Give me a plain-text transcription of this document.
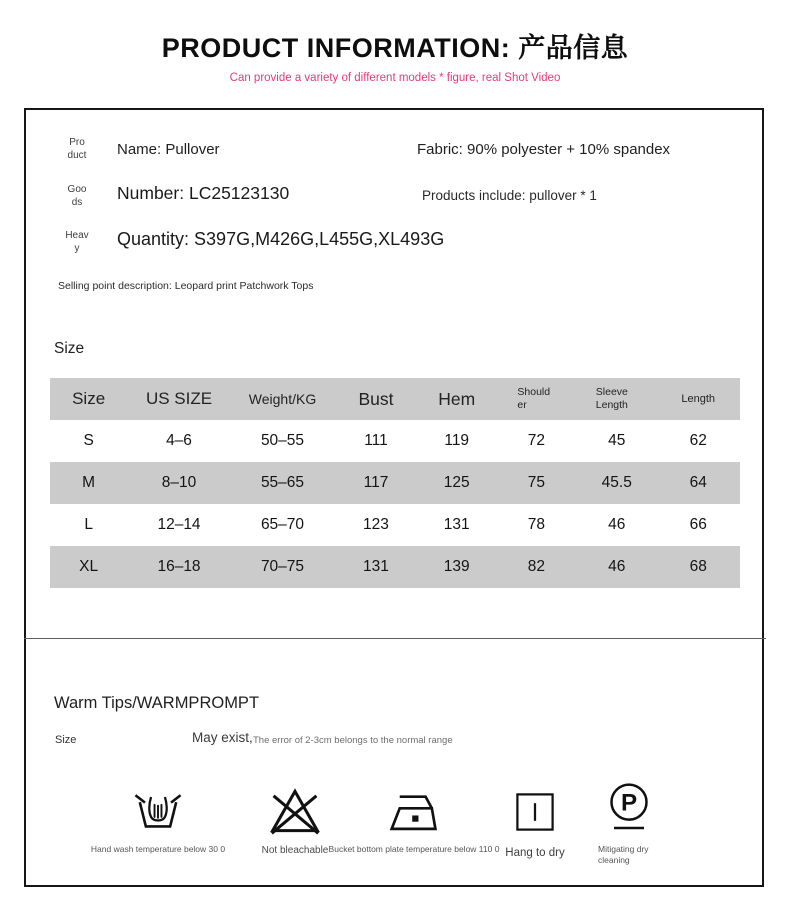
PRODUCT INFORMATION: 产品信息
Can provide a variety of different models * figure, real Shot Video
Pro
duct	Name: Pullover	Fabric: 90% polyester + 10% spandex
Goo
ds	Number: LC25123130	Products include: pullover * 1
Heav
y	Quantity: S397G,M426G,L455G,XL493G
Selling point description: Leopard print Patchwork Tops
Size
Size	US SIZE	Weight/KG	Bust	Hem	Shoulder	Sleeve Length	Length
S	4–6	50–55	111	119	72	45	62
M	8–10	55–65	117	125	75	45.5	64
L	12–14	65–70	123	131	78	46	66
XL	16–18	70–75	131	139	82	46	68
Warm Tips/WARMPROMPT
Size	May exist, The error of 2-3cm belongs to the normal range
Hand wash temperature below 30 0	Not bleachable Bucket bottom plate temperature below 110 0 Hang to dry
P
Mitigating dry cleaning
